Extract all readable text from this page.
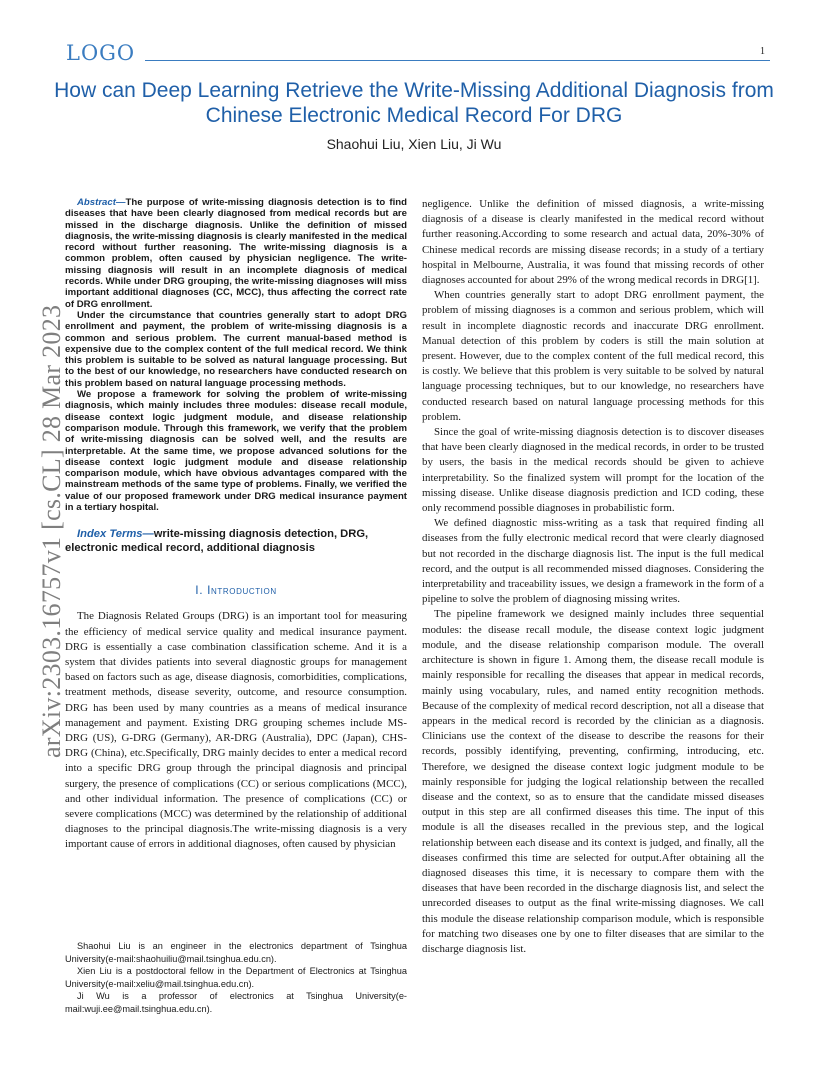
LOGO	1
How can Deep Learning Retrieve the Write-Missing Additional Diagnosis from Chinese Electronic Medical Record For DRG
Shaohui Liu, Xien Liu, Ji Wu
arXiv:2303.16757v1 [cs.CL] 28 Mar 2023

Abstract—The purpose of write-missing diagnosis detection is to find diseases that have been clearly diagnosed from medical records but are missed in the discharge diagnosis. Unlike the definition of missed diagnosis, the write-missing diagnosis is clearly manifested in the medical record without further reasoning. The write-missing diagnosis is a common problem, often caused by physician negligence. The write-missing diagnosis will result in an incomplete diagnosis of medical records. While under DRG grouping, the write-missing diagnoses will miss important additional diagnoses (CC, MCC), thus affecting the correct rate of DRG enrollment.

Under the circumstance that countries generally start to adopt DRG enrollment and payment, the problem of write-missing diagnosis is a common and serious problem. The current manual-based method is expensive due to the complex content of the full medical record. We think this problem is suitable to be solved as natural language processing. But to the best of our knowledge, no researchers have conducted research on this problem based on natural language processing methods.

We propose a framework for solving the problem of write-missing diagnosis, which mainly includes three modules: disease recall module, disease context logic judgment module, and disease relationship comparison module. Through this framework, we verify that the problem of write-missing diagnosis can be solved well, and the results are interpretable. At the same time, we propose advanced solutions for the disease context logic judgment module and disease relationship comparison module, which have obvious advantages compared with the mainstream methods of the same type of problems. Finally, we verified the value of our proposed framework under DRG medical insurance payment in a tertiary hospital.

Index Terms—write-missing diagnosis detection, DRG, electronic medical record, additional diagnosis
I. Introduction

The Diagnosis Related Groups (DRG) is an important tool for measuring the efficiency of medical service quality and medical insurance payment. DRG is essentially a case combination classification scheme. And it is a system that divides patients into several diagnostic groups for management based on factors such as age, disease diagnosis, comorbidities, complications, treatment methods, disease severity, outcome, and resource consumption. DRG has been used by many countries as a means of medical insurance management and payment. Existing DRG grouping schemes include MS-DRG (US), G-DRG (Germany), AR-DRG (Australia), DPC (Japan), CHS-DRG (China), etc.Specifically, DRG mainly decides to enter a medical record into a specific DRG group through the principal diagnosis and principal surgery, the presence of complications (CC) or serious complications (MCC), and other individual information. The presence of complications (CC) or severe complications (MCC) was determined by the relationship of additional diagnoses to the principal diagnosis.The write-missing diagnosis is a very important cause of errors in additional diagnoses, often caused by physician

Shaohui Liu is an engineer in the electronics department of Tsinghua University(e-mail:shaohuiliu@mail.tsinghua.edu.cn).

Xien Liu is a postdoctoral fellow in the Department of Electronics at Tsinghua University(e-mail:xeliu@mail.tsinghua.edu.cn).

Ji Wu is a professor of electronics at Tsinghua University(e-mail:wuji.ee@mail.tsinghua.edu.cn).

negligence. Unlike the definition of missed diagnosis, a write-missing diagnosis of a disease is clearly manifested in the medical record without further reasoning.According to some research and actual data, 20%-30% of Chinese medical records are missing disease records; in a study of a tertiary hospital in Melbourne, Australia, it was found that missing records of other diagnoses accounted for about 29% of the wrong medical records in DRG[1].

When countries generally start to adopt DRG enrollment payment, the problem of missing diagnoses is a common and serious problem, which will result in incomplete diagnostic records and inaccurate DRG enrollment. Manual detection of this problem by coders is still the main solution at present. However, due to the complex content of the full medical record, this is costly. We believe that this problem is very suitable to be solved by natural language processing techniques, but to our knowledge, no researchers have conducted research based on natural language processing methods for this problem.

Since the goal of write-missing diagnosis detection is to discover diseases that have been clearly diagnosed in the medical records, in order to be trusted by users, the basis in the medical records should be given to achieve interpretability. So the finalized system will prompt for the location of the missing disease. Unlike disease diagnosis prediction and ICD coding, these only recommend possible diagnoses in probabilistic form.

We defined diagnostic miss-writing as a task that required finding all diseases from the fully electronic medical record that were clearly diagnosed but not recorded in the discharge diagnosis list. The input is the full medical record, and the output is all recommended missed diagnoses. Considering the interpretability and traceability issues, we design a framework in the form of a pipeline to solve the problem of diagnosing missing writes.

The pipeline framework we designed mainly includes three sequential modules: the disease recall module, the disease context logic judgment module, and the disease relationship comparison module. The overall architecture is shown in figure 1. Among them, the disease recall module is mainly responsible for recalling the diseases that appear in medical records, mainly using vocabulary, rules, and named entity recognition methods. Because of the complexity of medical record description, not all a disease that appears in the medical record is recorded by the clinician as a diagnosis. Clinicians use the context of the disease to describe the reasons for their records, possibly identifying, preventing, confirming, introducing, etc. Therefore, we designed the disease context logic judgment module to be mainly responsible for judging the logical relationship between the recalled disease and the context, so as to ensure that the candidate missed diseases output in this step are all confirmed diseases this time. The input of this module is all the diseases recalled in the previous step, and the logical relationship between each disease and its context is judged, and finally, all the diseases confirmed this time are selected for output.After obtaining all the diagnosed diseases this time, it is necessary to compare them with the diseases that have been recorded in the discharge diagnosis list, and select the unrecorded diseases to output as the final write-missing diagnoses. We call this module the disease relationship comparison module, which is responsible for matching two diseases one by one to filter diseases that are similar to the discharge diagnosis list.
